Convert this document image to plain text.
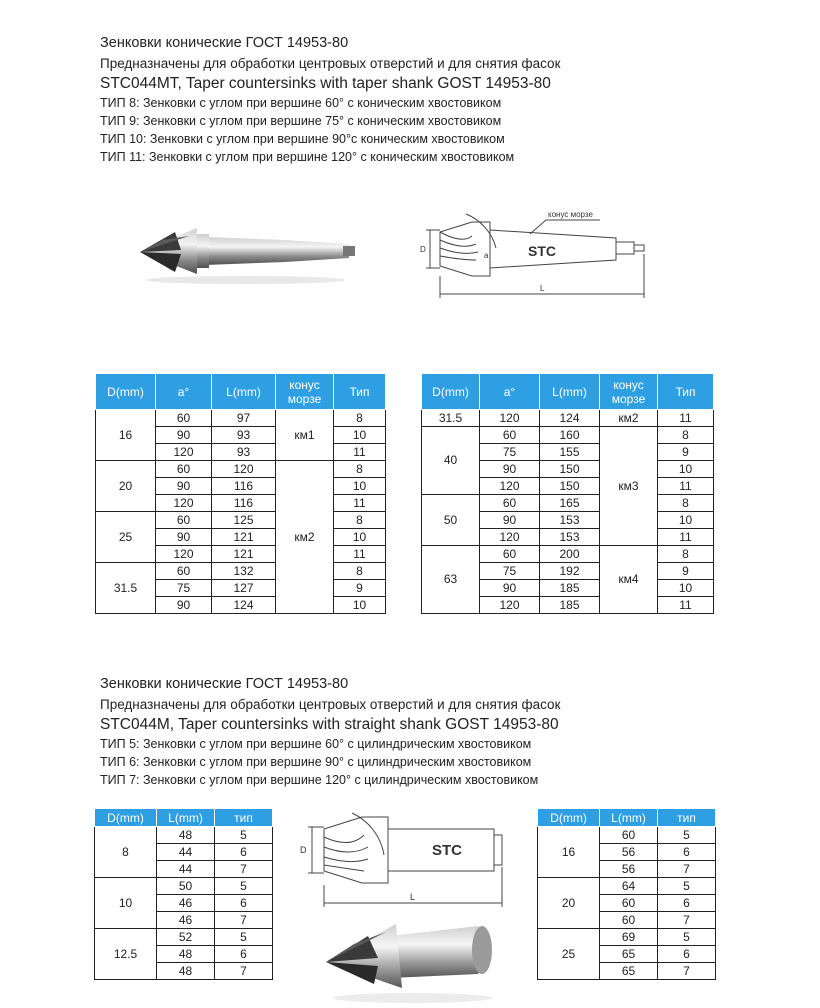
Зенковки конические ГОСТ 14953-80
Предназначены для обработки центровых отверстий и для снятия фасок
STC044MT, Taper countersinks with taper shank GOST 14953-80
ТИП 8: Зенковки с углом при вершине 60° с коническим хвостовиком
ТИП 9: Зенковки с углом при вершине 75° с коническим хвостовиком
ТИП 10: Зенковки с углом при вершине 90°с коническим хвостовиком
ТИП 11: Зенковки с углом при вершине 120° с коническим хвостовиком
D
a
конус морзе
STC
L
D(mm)	a°	L(mm)	конус морзе	Тип
16	60	97	км1	8
	90	93		10
	120	93		11
20	60	120	км2	8
	90	116		10
	120	116		11
25	60	125		8
	90	121		10
	120	121		11
31.5	60	132		8
	75	127		9
	90	124		10
D(mm)	a°	L(mm)	конус морзе	Тип
31.5	120	124	км2	11
40	60	160	км3	8
	75	155		9
	90	150		10
	120	150		11
50	60	165		8
	90	153		10
	120	153		11
63	60	200	км4	8
	75	192		9
	90	185		10
	120	185		11
Зенковки конические ГОСТ 14953-80
Предназначены для обработки центровых отверстий и для снятия фасок
STC044M, Taper countersinks with straight shank GOST 14953-80
ТИП 5: Зенковки с углом при вершине 60° с цилиндрическим хвостовиком
ТИП 6: Зенковки с углом при вершине 90° с цилиндрическим хвостовиком
ТИП 7: Зенковки с углом при вершине 120° с цилиндрическим хвостовиком
D	STC
L
D(mm)	L(mm)	тип
8	48	5
	44	6
	44	7
10	50	5
	46	6
	46	7
12.5	52	5
	48	6
	48	7
D(mm)	L(mm)	тип
16	60	5
	56	6
	56	7
20	64	5
	60	6
	60	7
25	69	5
	65	6
	65	7
